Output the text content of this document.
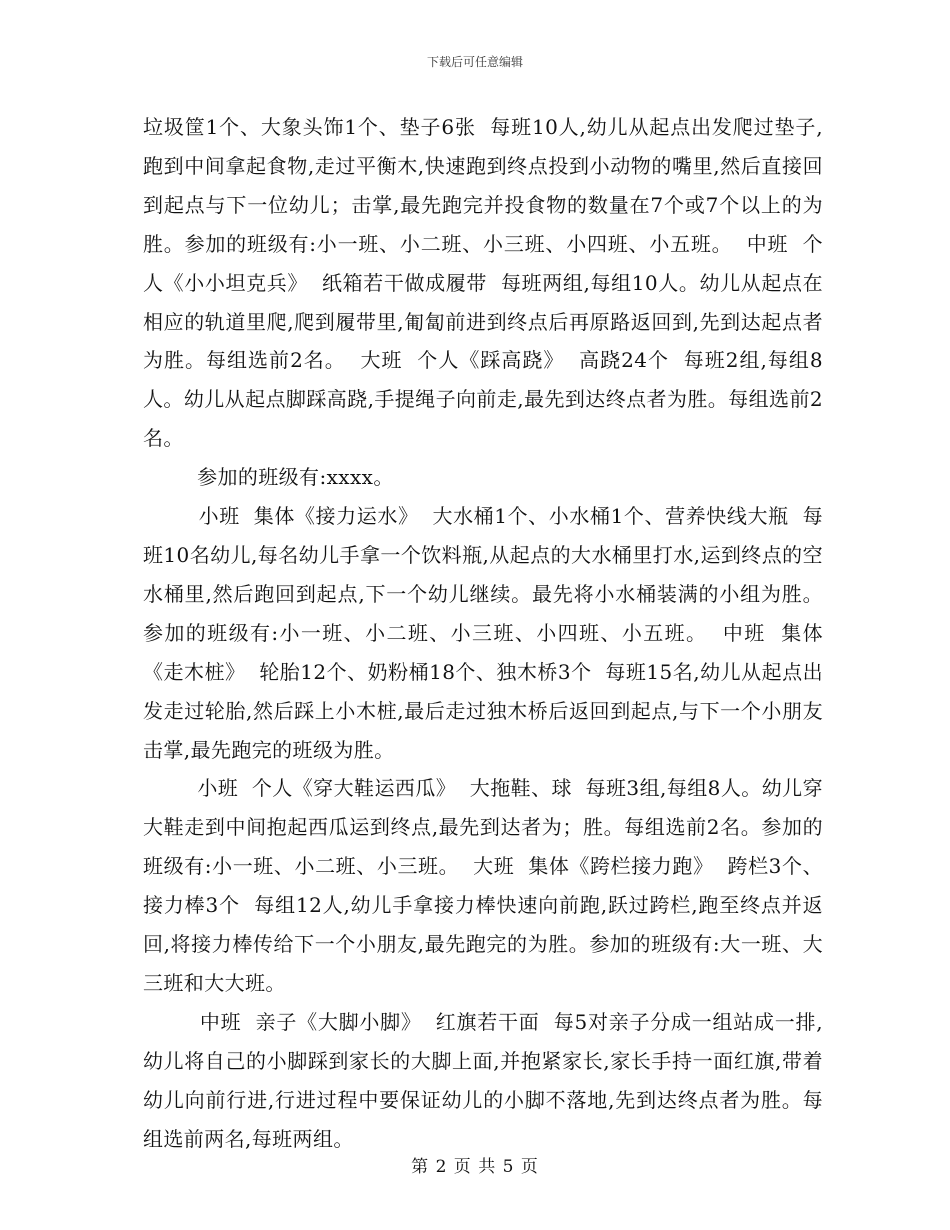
下载后可任意编辑

垃圾筐1个、大象头饰1个、垫子6张  每班10人,幼儿从起点出发爬过垫子,跑到中间拿起食物,走过平衡木,快速跑到终点投到小动物的嘴里,然后直接回到起点与下一位幼儿；击掌,最先跑完并投食物的数量在7个或7个以上的为胜。参加的班级有:小一班、小二班、小三班、小四班、小五班。  中班  个人《小小坦克兵》  纸箱若干做成履带  每班两组,每组10人。幼儿从起点在相应的轨道里爬,爬到履带里,匍匐前进到终点后再原路返回到,先到达起点者为胜。每组选前2名。  大班  个人《踩高跷》  高跷24个  每班2组,每组8人。幼儿从起点脚踩高跷,手提绳子向前走,最先到达终点者为胜。每组选前2名。

参加的班级有:xxxx。

小班  集体《接力运水》  大水桶1个、小水桶1个、营养快线大瓶  每班10名幼儿,每名幼儿手拿一个饮料瓶,从起点的大水桶里打水,运到终点的空水桶里,然后跑回到起点,下一个幼儿继续。最先将小水桶装满的小组为胜。参加的班级有:小一班、小二班、小三班、小四班、小五班。  中班  集体《走木桩》  轮胎12个、奶粉桶18个、独木桥3个  每班15名,幼儿从起点出发走过轮胎,然后踩上小木桩,最后走过独木桥后返回到起点,与下一个小朋友击掌,最先跑完的班级为胜。

小班  个人《穿大鞋运西瓜》  大拖鞋、球  每班3组,每组8人。幼儿穿大鞋走到中间抱起西瓜运到终点,最先到达者为；胜。每组选前2名。参加的班级有:小一班、小二班、小三班。  大班  集体《跨栏接力跑》  跨栏3个、接力棒3个  每组12人,幼儿手拿接力棒快速向前跑,跃过跨栏,跑至终点并返回,将接力棒传给下一个小朋友,最先跑完的为胜。参加的班级有:大一班、大三班和大大班。

中班  亲子《大脚小脚》  红旗若干面  每5对亲子分成一组站成一排,幼儿将自己的小脚踩到家长的大脚上面,并抱紧家长,家长手持一面红旗,带着幼儿向前行进,行进过程中要保证幼儿的小脚不落地,先到达终点者为胜。每组选前两名,每班两组。

第 2 页 共 5 页
